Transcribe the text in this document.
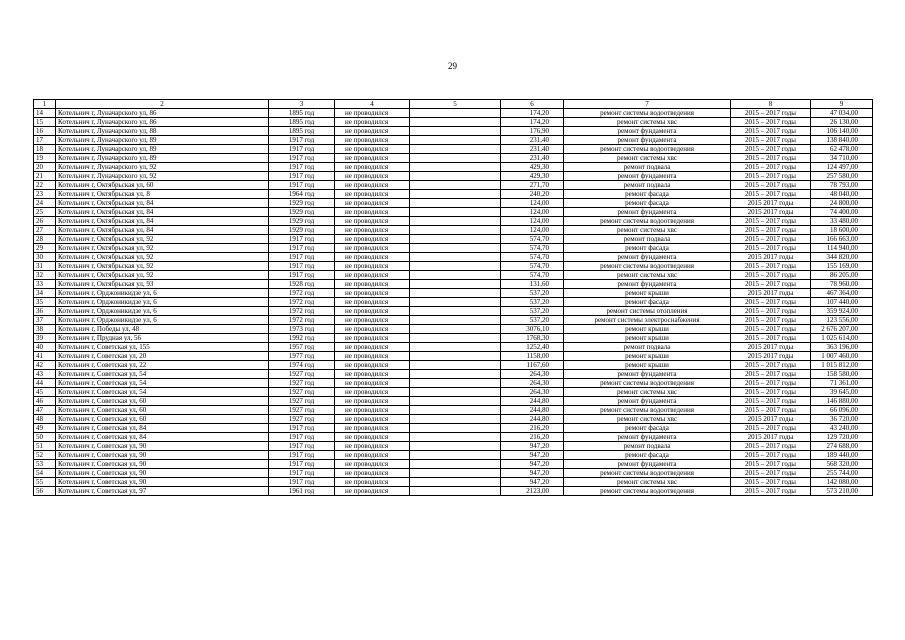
29
1	2	3	4	5	6	7	8	9
14	Котельнич г, Луначарского ул, 86	1895 год	не проводился		174,20	ремонт системы водоотведения	2015 – 2017 годы	47 034,00
15	Котельнич г, Луначарского ул, 86	1895 год	не проводился		174,20	ремонт системы хвс	2015 – 2017 годы	26 130,00
16	Котельнич г, Луначарского ул, 88	1895 год	не проводился		176,90	ремонт фундамента	2015 – 2017 годы	106 140,00
17	Котельнич г, Луначарского ул, 89	1917 год	не проводился		231,40	ремонт фундамента	2015 – 2017 годы	138 840,00
18	Котельнич г, Луначарского ул, 89	1917 год	не проводился		231,40	ремонт системы водоотведения	2015 – 2017 годы	62 478,00
19	Котельнич г, Луначарского ул, 89	1917 год	не проводился		231,40	ремонт системы хвс	2015 – 2017 годы	34 710,00
20	Котельнич г, Луначарского ул, 92	1917 год	не проводился		429,30	ремонт подвала	2015 – 2017 годы	124 497,00
21	Котельнич г, Луначарского ул, 92	1917 год	не проводился		429,30	ремонт фундамента	2015 – 2017 годы	257 580,00
22	Котельнич г, Октябрьская ул, 60	1917 год	не проводился		271,70	ремонт подвала	2015 – 2017 годы	78 793,00
23	Котельнич г, Октябрьская ул, 8	1964 год	не проводился		240,20	ремонт фасада	2015 – 2017 годы	48 040,00
24	Котельнич г, Октябрьская ул, 84	1929 год	не проводился		124,00	ремонт фасада	2015 2017 годы	24 800,00
25	Котельнич г, Октябрьская ул, 84	1929 год	не проводился		124,00	ремонт фундамента	2015 2017 годы	74 400,00
26	Котельнич г, Октябрьская ул, 84	1929 год	не проводился		124,00	ремонт системы водоотведения	2015 – 2017 годы	33 480,00
27	Котельнич г, Октябрьская ул, 84	1929 год	не проводился		124,00	ремонт системы хвс	2015 – 2017 годы	18 600,00
28	Котельнич г, Октябрьская ул, 92	1917 год	не проводился		574,70	ремонт подвала	2015 – 2017 годы	166 663,00
29	Котельнич г, Октябрьская ул, 92	1917 год	не проводился		574,70	ремонт фасада	2015 – 2017 годы	114 940,00
30	Котельнич г, Октябрьская ул, 92	1917 год	не проводился		574,70	ремонт фундамента	2015 2017 годы	344 820,00
31	Котельнич г, Октябрьская ул, 92	1917 год	не проводился		574,70	ремонт системы водоотведения	2015 – 2017 годы	155 169,00
32	Котельнич г, Октябрьская ул, 92	1917 год	не проводился		574,70	ремонт системы хвс	2015 – 2017 годы	86 205,00
33	Котельнич г, Октябрьская ул, 93	1928 год	не проводился		131,60	ремонт фундамента	2015 – 2017 годы	78 960,00
34	Котельнич г, Орджоникидзе ул, 6	1972 год	не проводился		537,20	ремонт крыши	2015 2017 годы	467 364,00
35	Котельнич г, Орджоникидзе ул, 6	1972 год	не проводился		537,20	ремонт фасада	2015 – 2017 годы	107 440,00
36	Котельнич г, Орджоникидзе ул, 6	1972 год	не проводился		537,20	ремонт системы отопления	2015 – 2017 годы	359 924,00
37	Котельнич г, Орджоникидзе ул, 6	1972 год	не проводился		537,20	ремонт системы электроснабжения	2015 – 2017 годы	123 556,00
38	Котельнич г, Победы ул, 48	1973 год	не проводился		3076,10	ремонт крыши	2015 – 2017 годы	2 676 207,00
39	Котельнич г, Прудная ул, 56	1992 год	не проводился		1768,30	ремонт крыши	2015 – 2017 годы	1 025 614,00
40	Котельнич г, Советская ул, 155	1957 год	не проводился		1252,40	ремонт подвала	2015 2017 годы	363 196,00
41	Котельнич г, Советская ул, 20	1977 год	не проводился		1158,00	ремонт крыши	2015 2017 годы	1 007 460,00
42	Котельнич г, Советская ул, 22	1974 год	не проводился		1167,60	ремонт крыши	2015 – 2017 годы	1 015 812,00
43	Котельнич г, Советская ул, 54	1927 год	не проводился		264,30	ремонт фундамента	2015 – 2017 годы	158 580,00
44	Котельнич г, Советская ул, 54	1927 год	не проводился		264,30	ремонт системы водоотведения	2015 – 2017 годы	71 361,00
45	Котельнич г, Советская ул, 54	1927 год	не проводился		264,30	ремонт системы хвс	2015 – 2017 годы	39 645,00
46	Котельнич г, Советская ул, 60	1927 год	не проводился		244,80	ремонт фундамента	2015 – 2017 годы	146 880,00
47	Котельнич г, Советская ул, 60	1927 год	не проводился		244,80	ремонт системы водоотведения	2015 – 2017 годы	66 096,00
48	Котельнич г, Советская ул, 60	1927 год	не проводился		244,80	ремонт системы хвс	2015 2017 годы	36 720,00
49	Котельнич г, Советская ул, 84	1917 год	не проводился		216,20	ремонт фасада	2015 – 2017 годы	43 240,00
50	Котельнич г, Советская ул, 84	1917 год	не проводился		216,20	ремонт фундамента	2015 2017 годы	129 720,00
51	Котельнич г, Советская ул, 90	1917 год	не проводился		947,20	ремонт подвала	2015 – 2017 годы	274 688,00
52	Котельнич г, Советская ул, 90	1917 год	не проводился		947,20	ремонт фасада	2015 – 2017 годы	189 440,00
53	Котельнич г, Советская ул, 90	1917 год	не проводился		947,20	ремонт фундамента	2015 – 2017 годы	568 320,00
54	Котельнич г, Советская ул, 90	1917 год	не проводился		947,20	ремонт системы водоотведения	2015 – 2017 годы	255 744,00
55	Котельнич г, Советская ул, 90	1917 год	не проводился		947,20	ремонт системы хвс	2015 – 2017 годы	142 080,00
56	Котельнич г, Советская ул, 97	1961 год	не проводился		2123,00	ремонт системы водоотведения	2015 – 2017 годы	573 210,00
